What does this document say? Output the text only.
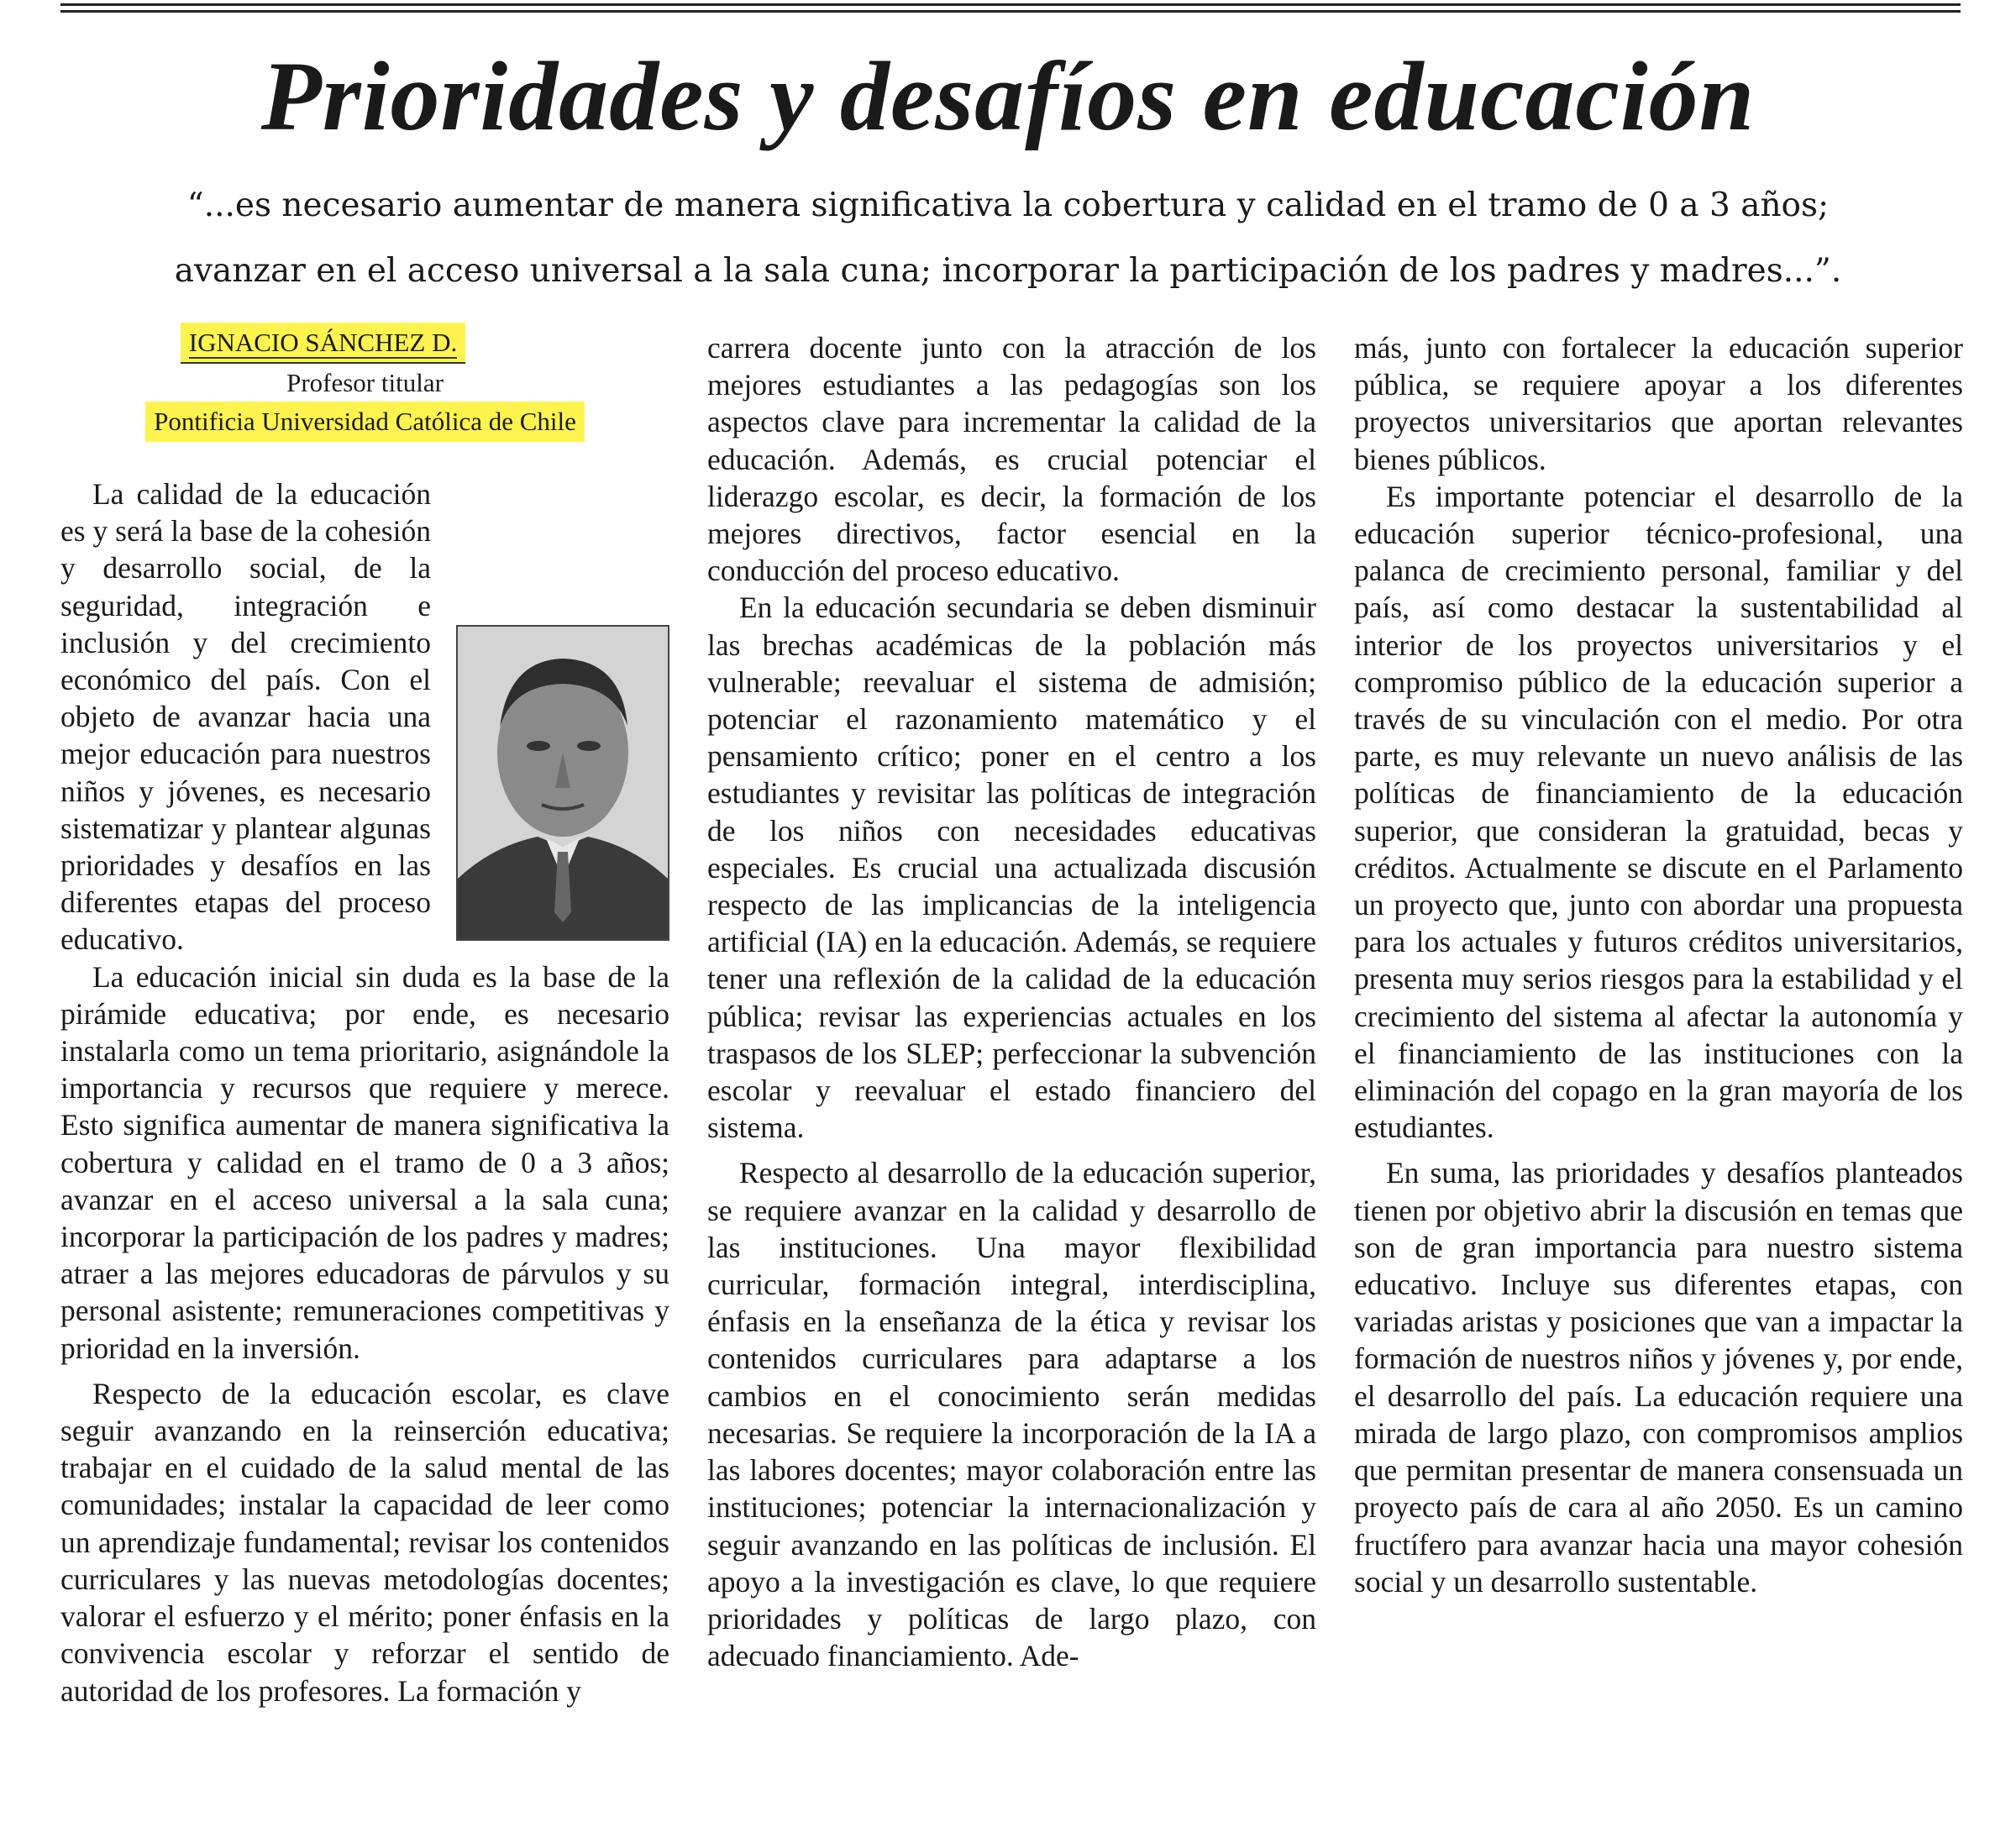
Prioridades y desafíos en educación
“...es necesario aumentar de manera significativa la cobertura y calidad en el tramo de 0 a 3 años;
avanzar en el acceso universal a la sala cuna; incorporar la participación de los padres y madres...”.
IGNACIO SÁNCHEZ D.
Profesor titular
Pontificia Universidad Católica de Chile

La calidad de la educación es y será la base de la cohesión y desarrollo social, de la seguridad, integración e inclusión y del crecimiento económico del país. Con el objeto de avanzar hacia una mejor educación para nuestros niños y jóvenes, es necesario sistematizar y plantear algunas prioridades y desafíos en las diferentes etapas del proceso educativo.

La educación inicial sin duda es la base de la pirámide educativa; por ende, es necesario instalarla como un tema prioritario, asignándole la importancia y recursos que requiere y merece. Esto significa aumentar de manera significativa la cobertura y calidad en el tramo de 0 a 3 años; avanzar en el acceso universal a la sala cuna; incorporar la participación de los padres y madres; atraer a las mejores educadoras de párvulos y su personal asistente; remuneraciones competitivas y prioridad en la inversión.

Respecto de la educación escolar, es clave seguir avanzando en la reinserción educativa; trabajar en el cuidado de la salud mental de las comunidades; instalar la capacidad de leer como un aprendizaje fundamental; revisar los contenidos curriculares y las nuevas metodologías docentes; valorar el esfuerzo y el mérito; poner énfasis en la convivencia escolar y reforzar el sentido de autoridad de los profesores. La formación y

carrera docente junto con la atracción de los mejores estudiantes a las pedagogías son los aspectos clave para incrementar la calidad de la educación. Además, es crucial potenciar el liderazgo escolar, es decir, la formación de los mejores directivos, factor esencial en la conducción del proceso educativo.

En la educación secundaria se deben disminuir las brechas académicas de la población más vulnerable; reevaluar el sistema de admisión; potenciar el razonamiento matemático y el pensamiento crítico; poner en el centro a los estudiantes y revisitar las políticas de integración de los niños con necesidades educativas especiales. Es crucial una actualizada discusión respecto de las implicancias de la inteligencia artificial (IA) en la educación. Además, se requiere tener una reflexión de la calidad de la educación pública; revisar las experiencias actuales en los traspasos de los SLEP; perfeccionar la subvención escolar y reevaluar el estado financiero del sistema.

Respecto al desarrollo de la educación superior, se requiere avanzar en la calidad y desarrollo de las instituciones. Una mayor flexibilidad curricular, formación integral, interdisciplina, énfasis en la enseñanza de la ética y revisar los contenidos curriculares para adaptarse a los cambios en el conocimiento serán medidas necesarias. Se requiere la incorporación de la IA a las labores docentes; mayor colaboración entre las instituciones; potenciar la internacionalización y seguir avanzando en las políticas de inclusión. El apoyo a la investigación es clave, lo que requiere prioridades y políticas de largo plazo, con adecuado financiamiento. Ade-

más, junto con fortalecer la educación superior pública, se requiere apoyar a los diferentes proyectos universitarios que aportan relevantes bienes públicos.

Es importante potenciar el desarrollo de la educación superior técnico-profesional, una palanca de crecimiento personal, familiar y del país, así como destacar la sustentabilidad al interior de los proyectos universitarios y el compromiso público de la educación superior a través de su vinculación con el medio. Por otra parte, es muy relevante un nuevo análisis de las políticas de financiamiento de la educación superior, que consideran la gratuidad, becas y créditos. Actualmente se discute en el Parlamento un proyecto que, junto con abordar una propuesta para los actuales y futuros créditos universitarios, presenta muy serios riesgos para la estabilidad y el crecimiento del sistema al afectar la autonomía y el financiamiento de las instituciones con la eliminación del copago en la gran mayoría de los estudiantes.

En suma, las prioridades y desafíos planteados tienen por objetivo abrir la discusión en temas que son de gran importancia para nuestro sistema educativo. Incluye sus diferentes etapas, con variadas aristas y posiciones que van a impactar la formación de nuestros niños y jóvenes y, por ende, el desarrollo del país. La educación requiere una mirada de largo plazo, con compromisos amplios que permitan presentar de manera consensuada un proyecto país de cara al año 2050. Es un camino fructífero para avanzar hacia una mayor cohesión social y un desarrollo sustentable.
